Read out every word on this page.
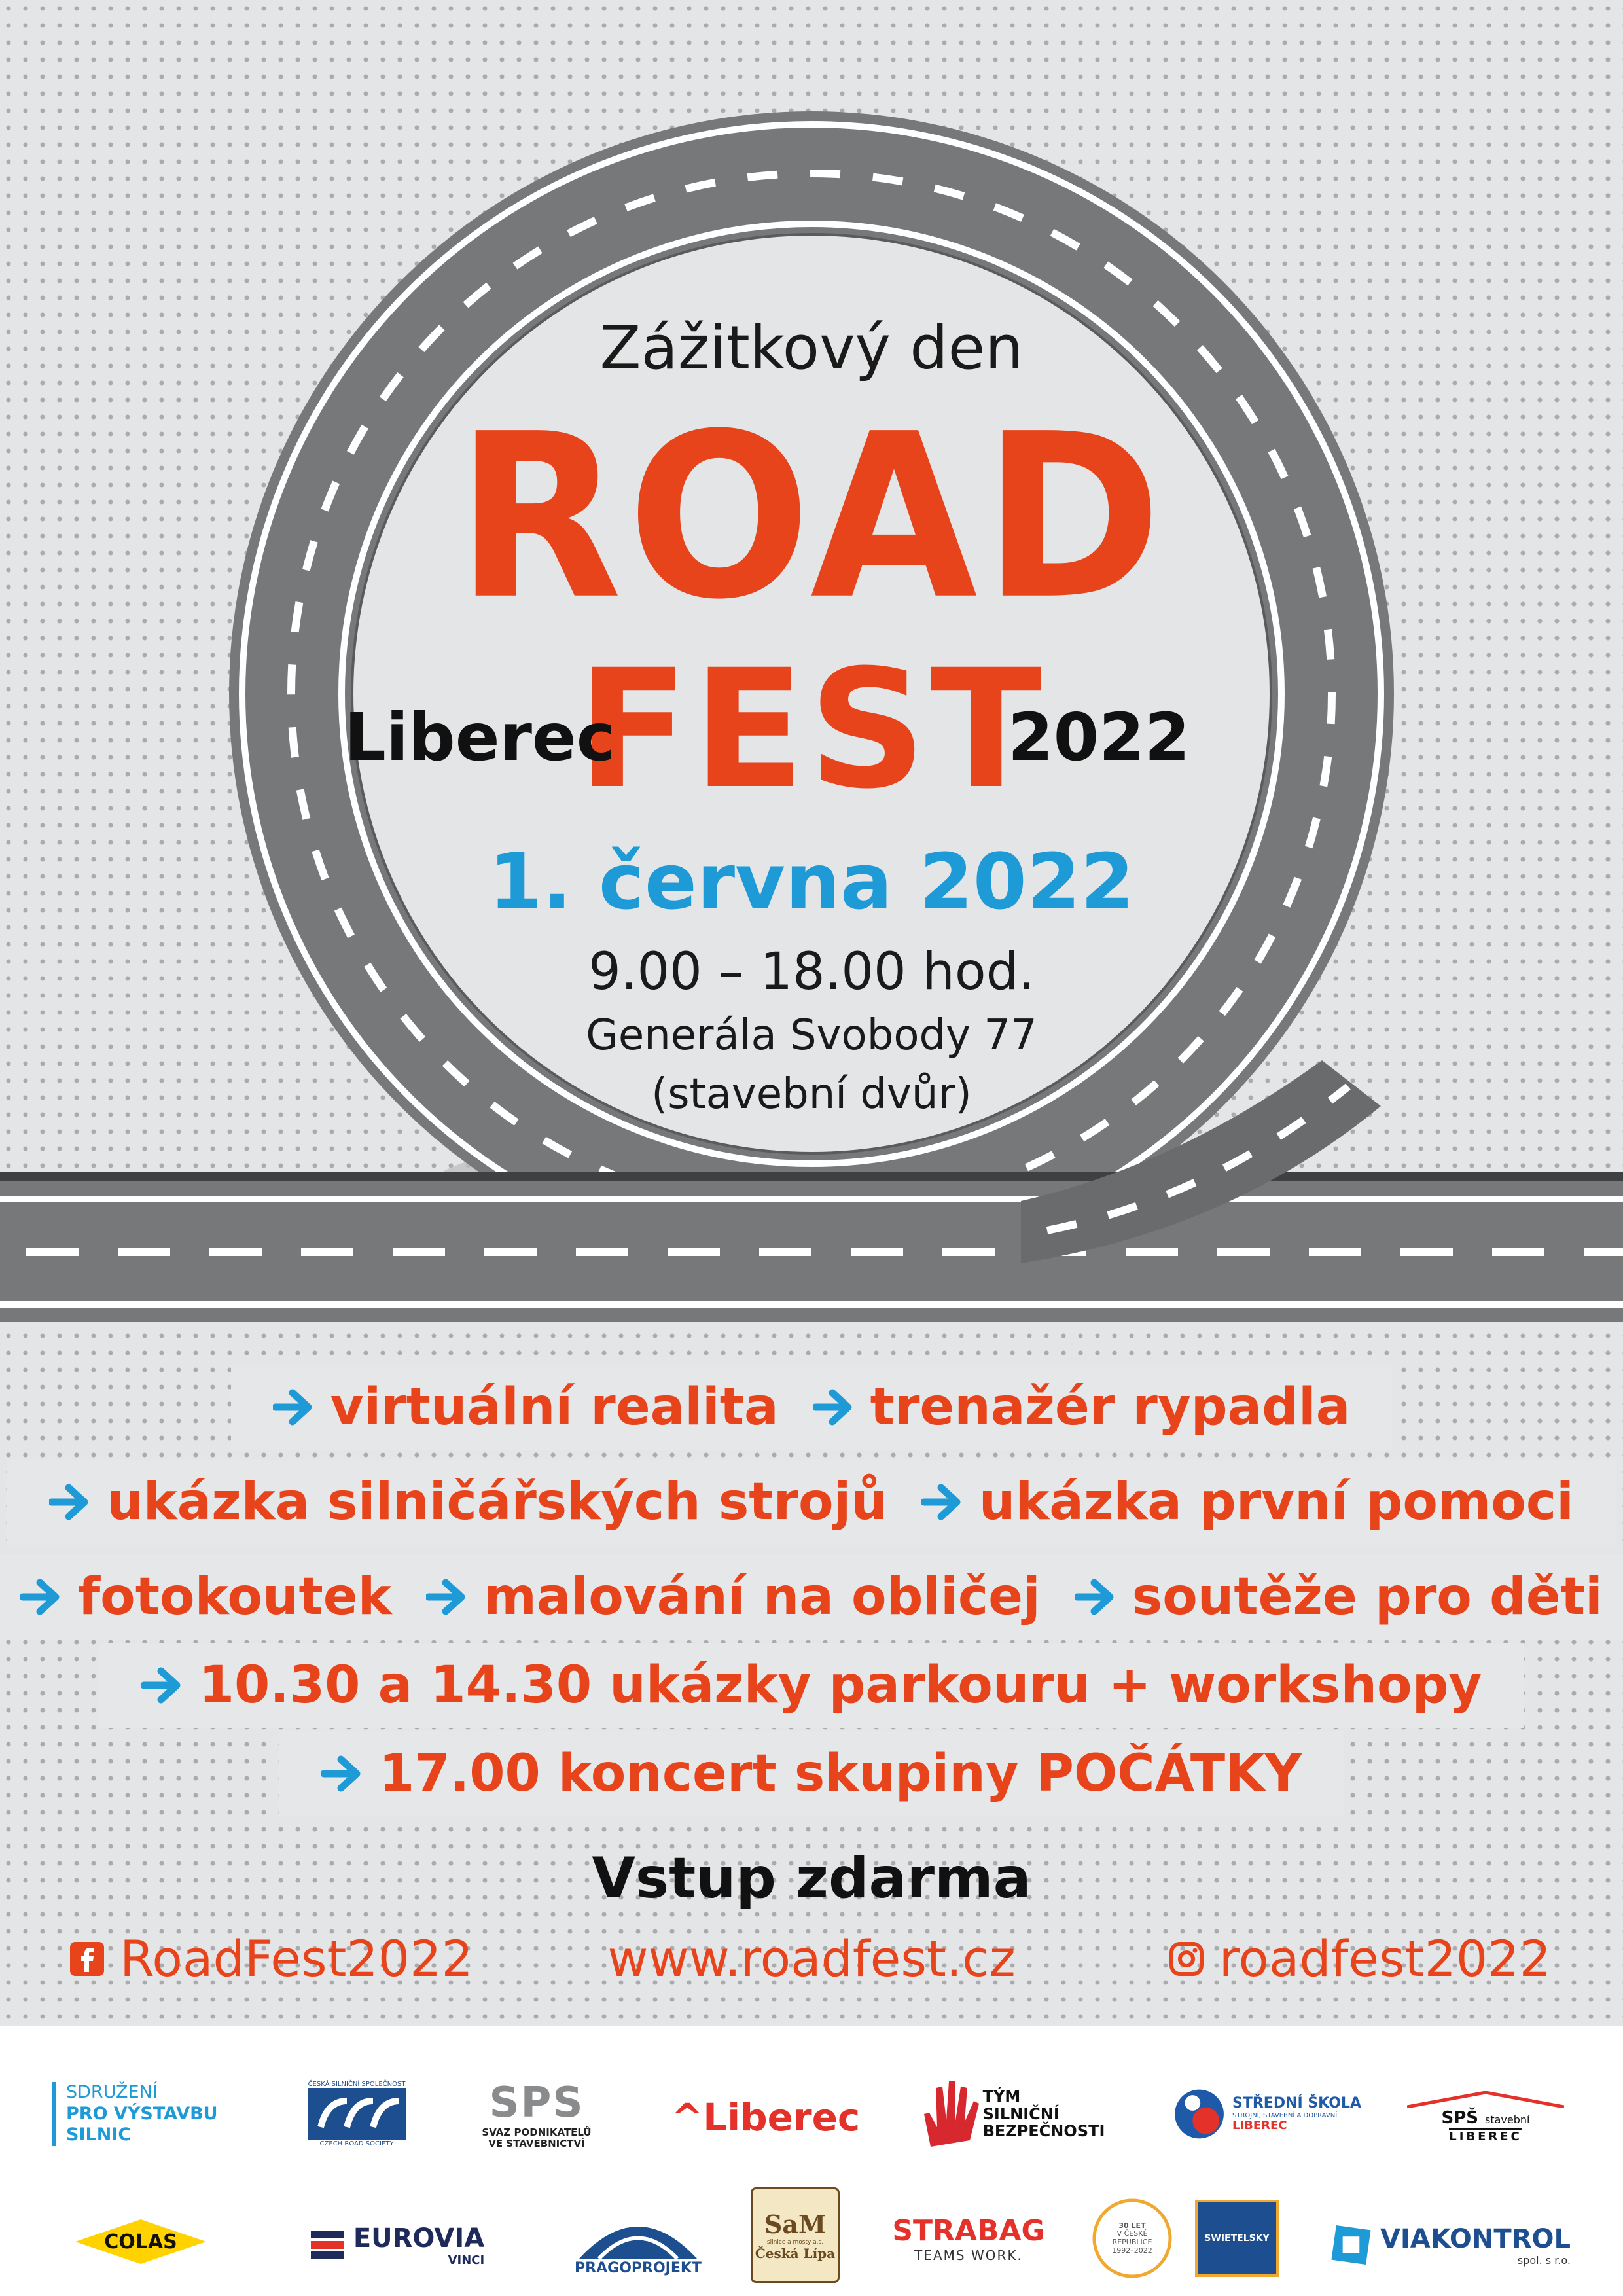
Zážitkový den
ROAD
FEST
Liberec	2022
1. června 2022
9.00 – 18.00 hod.
Generála Svobody 77
(stavební dvůr)
virtuální realita trenažér rypadla
ukázka silničářských strojů ukázka první pomoci
fotokoutek malování na obličej soutěže pro děti
10.30 a 14.30 ukázky parkouru + workshopy
17.00 koncert skupiny POČÁTKY
Vstup zdarma
RoadFest2022	www.roadfest.cz	roadfest2022
SDRUŽENÍ
PRO VÝSTAVBU
SILNIC
ČESKÁ SILNIČNÍ SPOLEČNOST
CZECH ROAD SOCIETY
SPS
SVAZ PODNIKATELŮ
VE STAVEBNICTVÍ
^Liberec	TÝM
SILNIČNÍ
BEZPEČNOSTI
STŘEDNÍ ŠKOLA
STROJNÍ, STAVEBNÍ A DOPRAVNÍ
LIBEREC	SPŠ stavební
LIBEREC
COLAS	EUROVIA
VINCI	PRAGOPROJEKT
SaM
silnice a mosty a.s.
Česká Lípa
STRABAG
TEAMS WORK.
30 LET
V ČESKÉ
REPUBLICE
1992–2022
SWIETELSKY	VIAKONTROL
spol. s r.o.
